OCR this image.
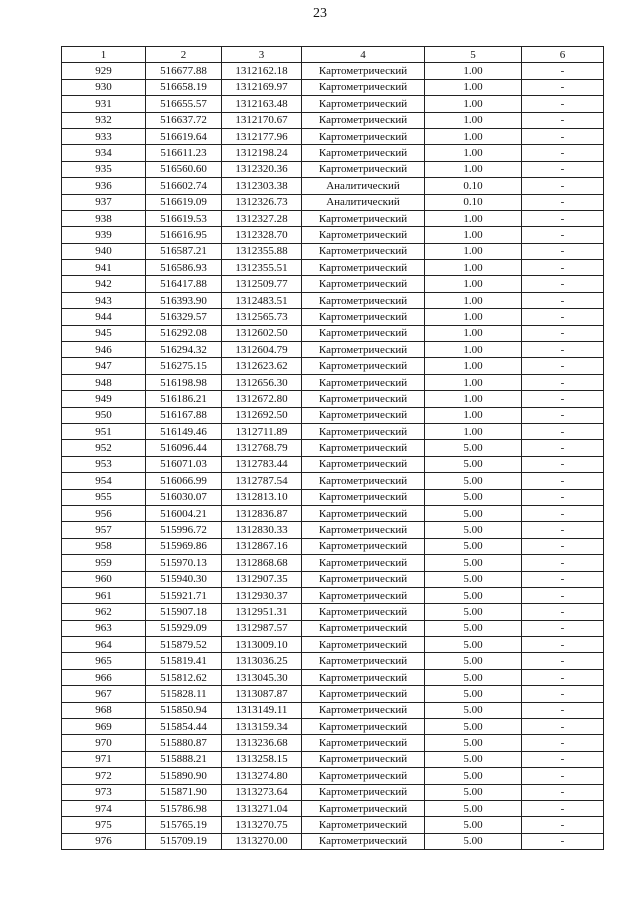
23
1	2	3	4	5	6
929	516677.88	1312162.18	Картометрический	1.00	-
930	516658.19	1312169.97	Картометрический	1.00	-
931	516655.57	1312163.48	Картометрический	1.00	-
932	516637.72	1312170.67	Картометрический	1.00	-
933	516619.64	1312177.96	Картометрический	1.00	-
934	516611.23	1312198.24	Картометрический	1.00	-
935	516560.60	1312320.36	Картометрический	1.00	-
936	516602.74	1312303.38	Аналитический	0.10	-
937	516619.09	1312326.73	Аналитический	0.10	-
938	516619.53	1312327.28	Картометрический	1.00	-
939	516616.95	1312328.70	Картометрический	1.00	-
940	516587.21	1312355.88	Картометрический	1.00	-
941	516586.93	1312355.51	Картометрический	1.00	-
942	516417.88	1312509.77	Картометрический	1.00	-
943	516393.90	1312483.51	Картометрический	1.00	-
944	516329.57	1312565.73	Картометрический	1.00	-
945	516292.08	1312602.50	Картометрический	1.00	-
946	516294.32	1312604.79	Картометрический	1.00	-
947	516275.15	1312623.62	Картометрический	1.00	-
948	516198.98	1312656.30	Картометрический	1.00	-
949	516186.21	1312672.80	Картометрический	1.00	-
950	516167.88	1312692.50	Картометрический	1.00	-
951	516149.46	1312711.89	Картометрический	1.00	-
952	516096.44	1312768.79	Картометрический	5.00	-
953	516071.03	1312783.44	Картометрический	5.00	-
954	516066.99	1312787.54	Картометрический	5.00	-
955	516030.07	1312813.10	Картометрический	5.00	-
956	516004.21	1312836.87	Картометрический	5.00	-
957	515996.72	1312830.33	Картометрический	5.00	-
958	515969.86	1312867.16	Картометрический	5.00	-
959	515970.13	1312868.68	Картометрический	5.00	-
960	515940.30	1312907.35	Картометрический	5.00	-
961	515921.71	1312930.37	Картометрический	5.00	-
962	515907.18	1312951.31	Картометрический	5.00	-
963	515929.09	1312987.57	Картометрический	5.00	-
964	515879.52	1313009.10	Картометрический	5.00	-
965	515819.41	1313036.25	Картометрический	5.00	-
966	515812.62	1313045.30	Картометрический	5.00	-
967	515828.11	1313087.87	Картометрический	5.00	-
968	515850.94	1313149.11	Картометрический	5.00	-
969	515854.44	1313159.34	Картометрический	5.00	-
970	515880.87	1313236.68	Картометрический	5.00	-
971	515888.21	1313258.15	Картометрический	5.00	-
972	515890.90	1313274.80	Картометрический	5.00	-
973	515871.90	1313273.64	Картометрический	5.00	-
974	515786.98	1313271.04	Картометрический	5.00	-
975	515765.19	1313270.75	Картометрический	5.00	-
976	515709.19	1313270.00	Картометрический	5.00	-
